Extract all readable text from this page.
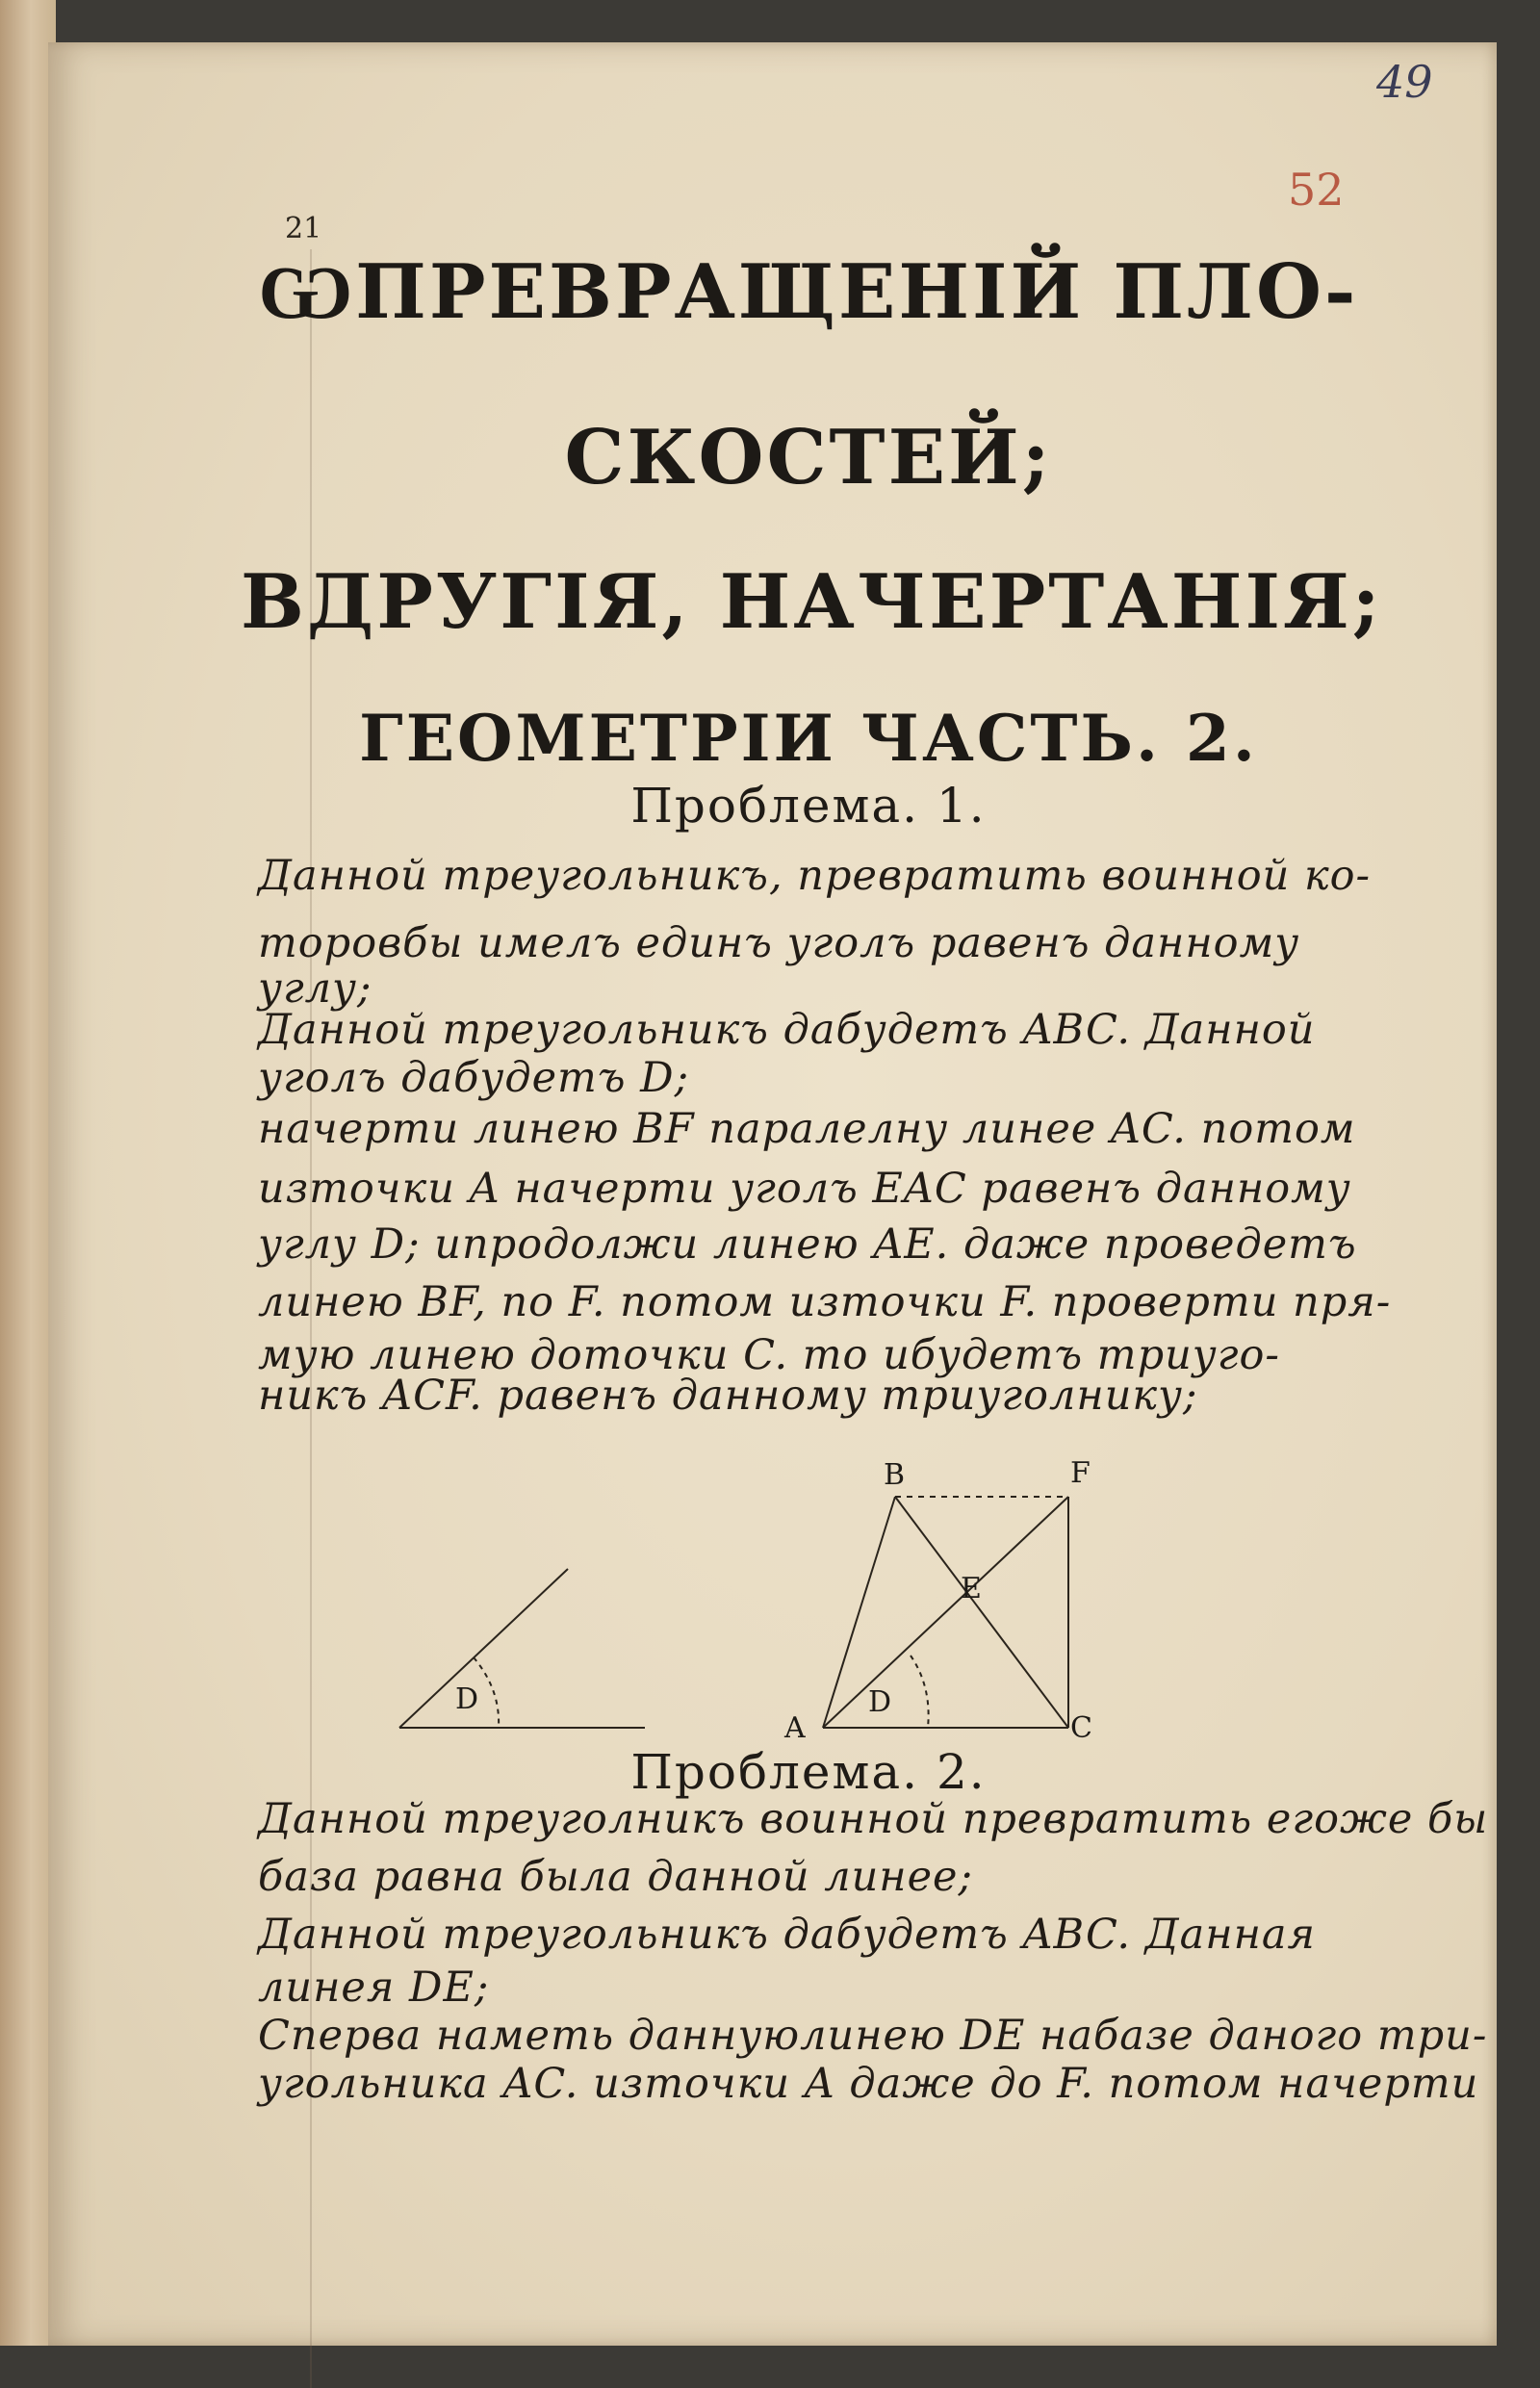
49
52
21
ѠПРЕВРАЩЕНІЙ ПЛО-
СКОСТЕЙ;
ВДРУГІЯ, НАЧЕРТАНІЯ;
ГЕОМЕТРІИ ЧАСТЬ. 2.
Проблема. 1.
Данной треугольникъ, превратить воинной ко-
торовбы имелъ единъ уголъ равенъ данному
углу;
Данной треугольникъ дабудетъ ABC. Данной
уголъ дабудетъ D;
начерти линею BF паралелну линее AC. потом
източки A начерти уголъ EAC равенъ данному
углу D; ипродолжи линею AE. даже проведетъ
линею BF, по F. потом източки F. проверти пря-
мую линею доточки C. то ибудетъ триуго-
никъ ACF. равенъ данному триуголнику;
D
B	F
E
A
D
C
Проблема. 2.
Данной треуголникъ воинной превратить егоже бы
база равна была данной линее;
Данной треугольникъ дабудетъ ABC. Данная
линея DE;
Сперва наметь даннуюлинею DE набазе даного три-
угольника AC. източки A даже до F. потом начерти
